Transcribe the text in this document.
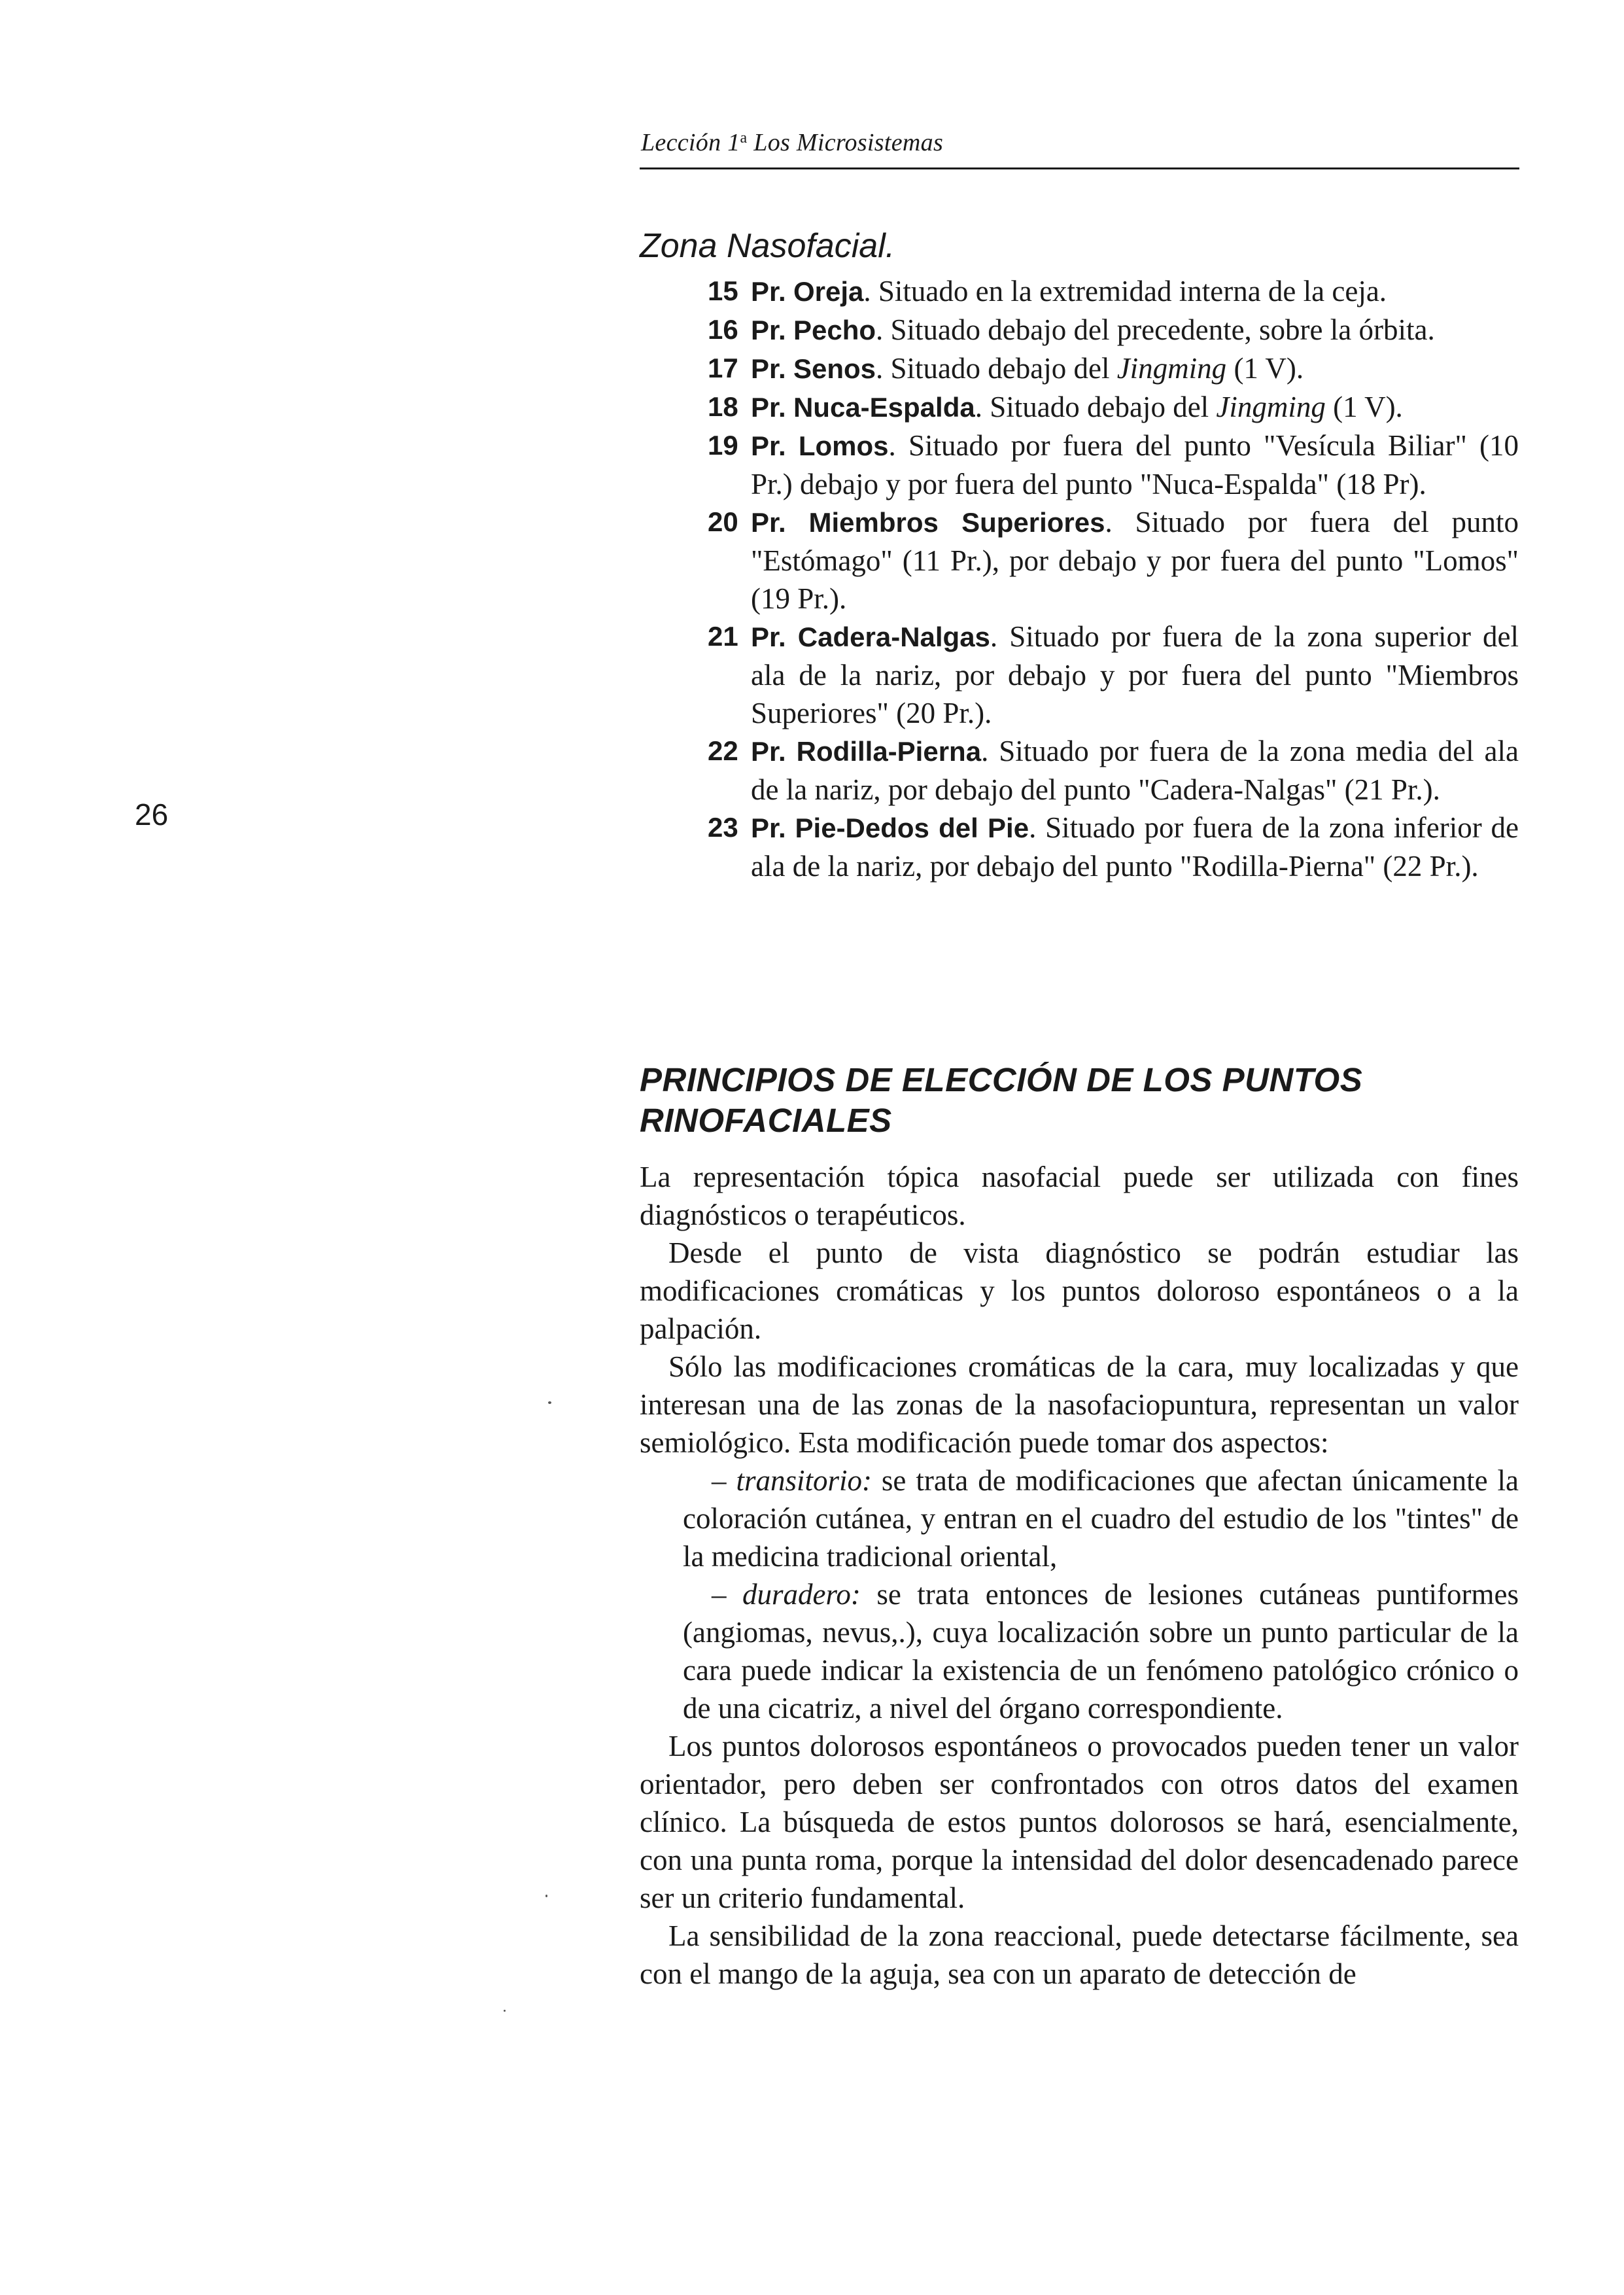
Lección 1$^a$ Los Microsistemas
26
Zona Nasofacial.
15 Pr. Oreja. Situado en la extremidad interna de la ceja.
16 Pr. Pecho. Situado debajo del precedente, sobre la órbita.
17 Pr. Senos. Situado debajo del Jingming (1 V).
18 Pr. Nuca-Espalda. Situado debajo del Jingming (1 V).
19 Pr. Lomos. Situado por fuera del punto "Vesícula Biliar" (10 Pr.) debajo y por fuera del punto "Nuca-Espalda" (18 Pr).
20 Pr. Miembros Superiores. Situado por fuera del punto "Estómago" (11 Pr.), por debajo y por fuera del punto "Lomos" (19 Pr.).
21 Pr. Cadera-Nalgas. Situado por fuera de la zona superior del ala de la nariz, por debajo y por fuera del punto "Miembros Superiores" (20 Pr.).
22 Pr. Rodilla-Pierna. Situado por fuera de la zona media del ala de la nariz, por debajo del punto "Cadera-Nalgas" (21 Pr.).
23 Pr. Pie-Dedos del Pie. Situado por fuera de la zona inferior de ala de la nariz, por debajo del punto "Rodilla-Pierna" (22 Pr.).
PRINCIPIOS DE ELECCIÓN DE LOS PUNTOS RINOFACIALES

La representación tópica nasofacial puede ser utilizada con fines diagnósticos o terapéuticos.

Desde el punto de vista diagnóstico se podrán estudiar las modificaciones cromáticas y los puntos doloroso espontáneos o a la palpación.

Sólo las modificaciones cromáticas de la cara, muy localizadas y que interesan una de las zonas de la nasofaciopuntura, representan un valor semiológico. Esta modificación puede tomar dos aspectos:

– transitorio: se trata de modificaciones que afectan únicamente la coloración cutánea, y entran en el cuadro del estudio de los "tintes" de la medicina tradicional oriental,

– duradero: se trata entonces de lesiones cutáneas puntiformes (angiomas, nevus,.), cuya localización sobre un punto particular de la cara puede indicar la existencia de un fenómeno patológico crónico o de una cicatriz, a nivel del órgano correspondiente.

Los puntos dolorosos espontáneos o provocados pueden tener un valor orientador, pero deben ser confrontados con otros datos del examen clínico. La búsqueda de estos puntos dolorosos se hará, esencialmente, con una punta roma, porque la intensidad del dolor desencadenado parece ser un criterio fundamental.

La sensibilidad de la zona reaccional, puede detectarse fácilmente, sea con el mango de la aguja, sea con un aparato de detección de
